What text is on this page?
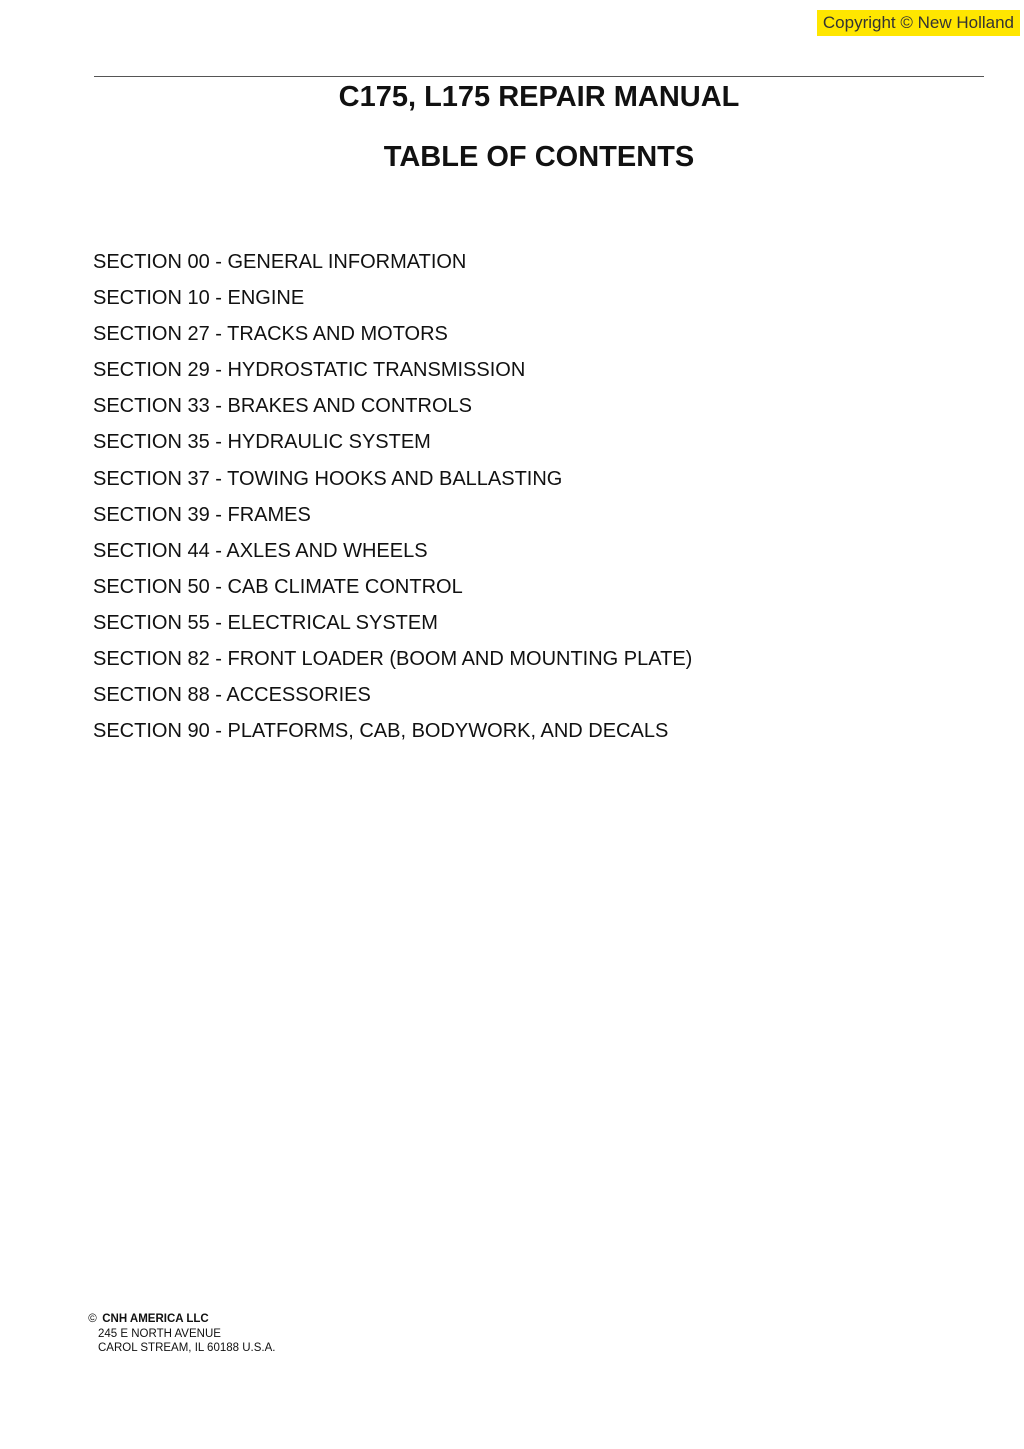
Copyright © New Holland
C175, L175 REPAIR MANUAL
TABLE OF CONTENTS
SECTION 00 - GENERAL INFORMATION
SECTION 10 - ENGINE
SECTION 27 - TRACKS AND MOTORS
SECTION 29 - HYDROSTATIC TRANSMISSION
SECTION 33 - BRAKES AND CONTROLS
SECTION 35 - HYDRAULIC SYSTEM
SECTION 37 - TOWING HOOKS AND BALLASTING
SECTION 39 - FRAMES
SECTION 44 - AXLES AND WHEELS
SECTION 50 - CAB CLIMATE CONTROL
SECTION 55 - ELECTRICAL SYSTEM
SECTION 82 - FRONT LOADER (BOOM AND MOUNTING PLATE)
SECTION 88 - ACCESSORIES
SECTION 90 - PLATFORMS, CAB, BODYWORK, AND DECALS
© CNH AMERICA LLC
245 E NORTH AVENUE
CAROL STREAM, IL 60188 U.S.A.
